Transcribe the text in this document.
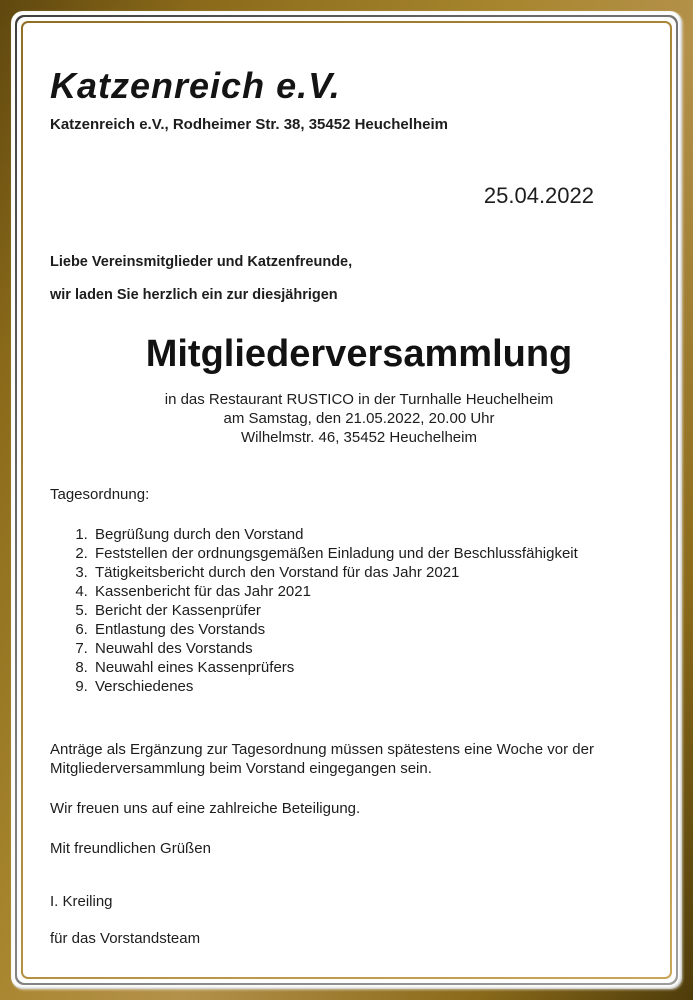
Katzenreich e.V.
Katzenreich e.V., Rodheimer Str. 38, 35452 Heuchelheim
25.04.2022
Liebe Vereinsmitglieder und Katzenfreunde,
wir laden Sie herzlich ein zur diesjährigen
Mitgliederversammlung
in das Restaurant RUSTICO in der Turnhalle Heuchelheim
am Samstag, den 21.05.2022, 20.00 Uhr
Wilhelmstr. 46, 35452 Heuchelheim
Tagesordnung:
1. Begrüßung durch den Vorstand
2. Feststellen der ordnungsgemäßen Einladung und der Beschlussfähigkeit
3. Tätigkeitsbericht durch den Vorstand für das Jahr 2021
4. Kassenbericht für das Jahr 2021
5. Bericht der Kassenprüfer
6. Entlastung des Vorstands
7. Neuwahl des Vorstands
8. Neuwahl eines Kassenprüfers
9. Verschiedenes
Anträge als Ergänzung zur Tagesordnung müssen spätestens eine Woche vor der Mitgliederversammlung beim Vorstand eingegangen sein.
Wir freuen uns auf eine zahlreiche Beteiligung.
Mit freundlichen Grüßen
I. Kreiling
für das Vorstandsteam
